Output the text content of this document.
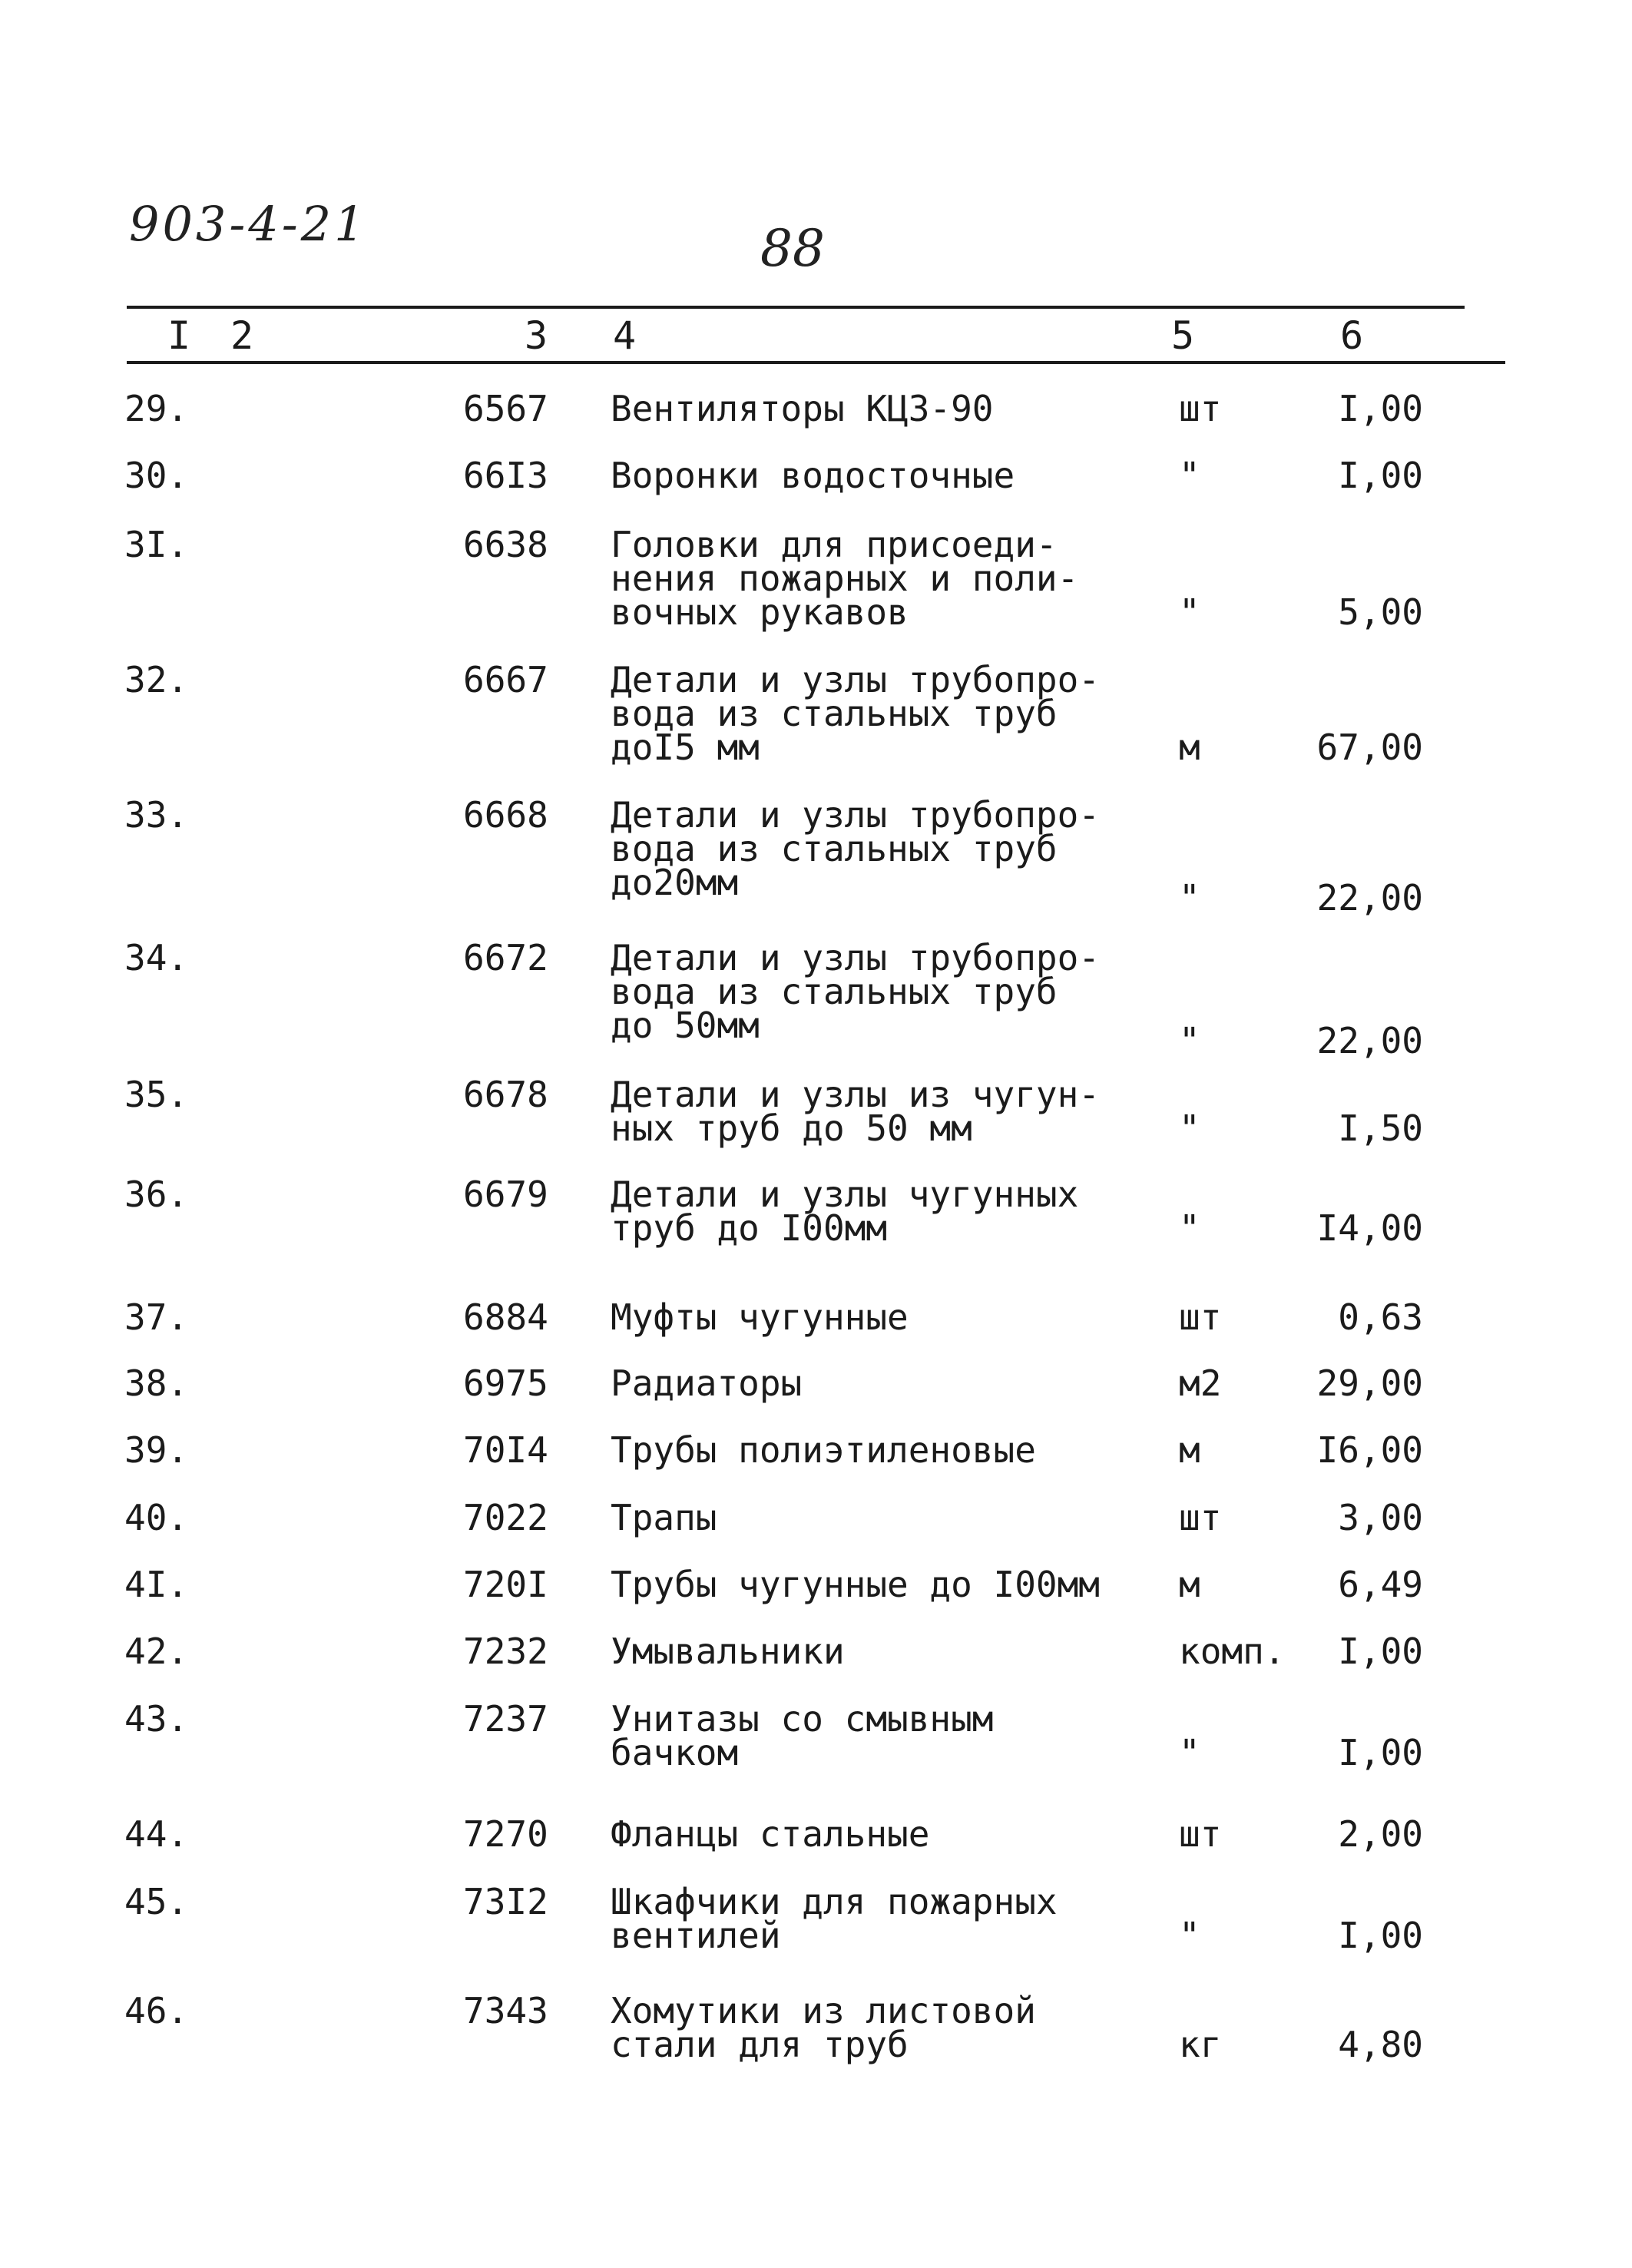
903-4-21	88
I 2	3 4	5	6
29.	6567 Вентиляторы КЦЗ-90	шт	I,00
30.	66I3 Воронки водосточные	"	I,00
3I.	6638 Головки для присоеди-
нения пожарных и поли-
вочных рукавов	"	5,00
32.	6667 Детали и узлы трубопро-
вода из стальных труб
доI5 мм	м	67,00
33.	6668 Детали и узлы трубопро-
вода из стальных труб
до20мм	"	22,00
34.	6672 Детали и узлы трубопро-
вода из стальных труб
до 50мм	"	22,00
35.	6678 Детали и узлы из чугун-
ных труб до 50 мм	"	I,50
36.	6679 Детали и узлы чугунных
труб до I00мм	"	I4,00
37.	6884 Муфты чугунные	шт	0,63
38.	6975 Радиаторы	м2	29,00
39.	70I4 Трубы полиэтиленовые	м	I6,00
40.	7022 Трапы	шт	3,00
4I.	720I Трубы чугунные до I00мм	м	6,49
42.	7232 Умывальники	комп. I,00
43.	7237 Унитазы со смывным
бачком	"	I,00
44.	7270 Фланцы стальные	шт	2,00
45.	73I2 Шкафчики для пожарных
вентилей	"	I,00
46.	7343 Хомутики из листовой
стали для труб	кг	4,80
